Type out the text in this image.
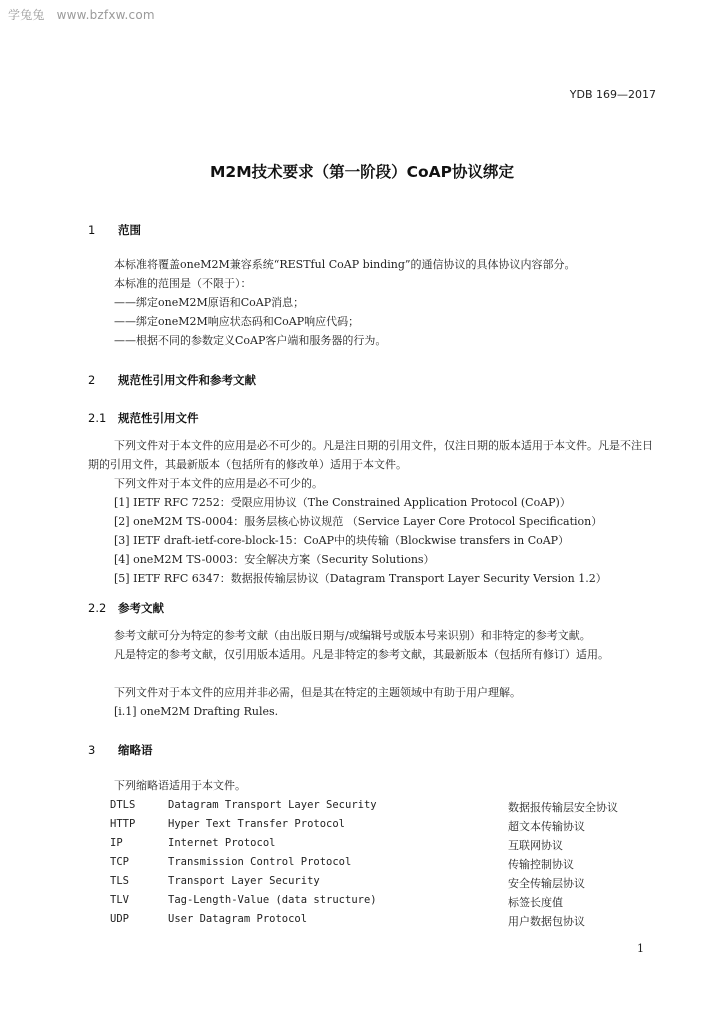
学兔兔 www.bzfxw.com
YDB 169—2017
M2M技术要求（第一阶段）CoAP协议绑定
1 范围
本标准将覆盖oneM2M兼容系统“RESTful CoAP binding”的通信协议的具体协议内容部分。
本标准的范围是（不限于）：
——绑定oneM2M原语和CoAP消息；
——绑定oneM2M响应状态码和CoAP响应代码；
——根据不同的参数定义CoAP客户端和服务器的行为。
2 规范性引用文件和参考文献
2.1 规范性引用文件
下列文件对于本文件的应用是必不可少的。凡是注日期的引用文件，仅注日期的版本适用于本文件。凡是不注日期的引用文件，其最新版本（包括所有的修改单）适用于本文件。
下列文件对于本文件的应用是必不可少的。
[1] IETF RFC 7252：受限应用协议（The Constrained Application Protocol (CoAP)）
[2] oneM2M TS-0004：服务层核心协议规范 （Service Layer Core Protocol Specification）
[3] IETF draft-ietf-core-block-15：CoAP中的块传输（Blockwise transfers in CoAP）
[4] oneM2M TS-0003：安全解决方案（Security Solutions）
[5] IETF RFC 6347：数据报传输层协议（Datagram Transport Layer Security Version 1.2）
2.2 参考文献
参考文献可分为特定的参考文献（由出版日期与/或编辑号或版本号来识别）和非特定的参考文献。
凡是特定的参考文献，仅引用版本适用。凡是非特定的参考文献，其最新版本（包括所有修订）适用。
下列文件对于本文件的应用并非必需，但是其在特定的主题领域中有助于用户理解。
[i.1] oneM2M Drafting Rules.
3 缩略语
下列缩略语适用于本文件。
DTLS	Datagram Transport Layer Security	数据报传输层安全协议
HTTP	Hyper Text Transfer Protocol	超文本传输协议
IP	Internet Protocol	互联网协议
TCP	Transmission Control Protocol	传输控制协议
TLS	Transport Layer Security	安全传输层协议
TLV	Tag-Length-Value (data structure)	标签长度值
UDP	User Datagram Protocol	用户数据包协议
1
